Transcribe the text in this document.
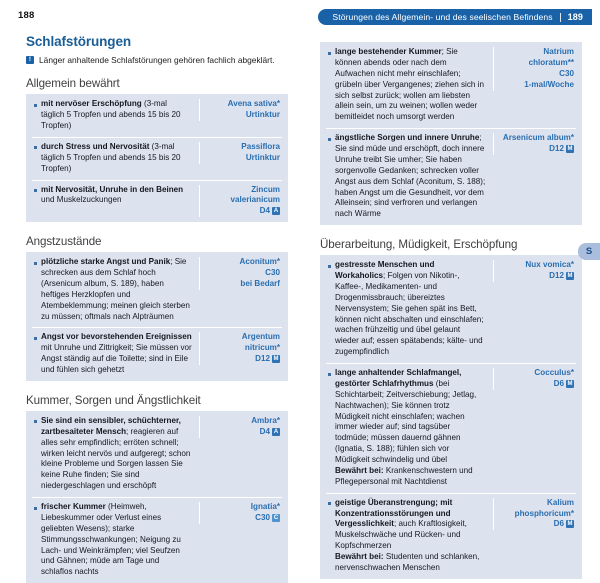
188
Schlafstörungen
! Länger anhaltende Schlafstörungen gehören fachlich abgeklärt.
Allgemein bewährt
mit nervöser Erschöpfung (3-mal täglich 5 Tropfen und abends 15 bis 20 Tropfen)
Avena sativa*
Urtinktur
durch Stress und Nervosität (3-mal täglich 5 Tropfen und abends 15 bis 20 Tropfen)
Passiflora
Urtinktur
mit Nervosität, Unruhe in den Beinen und Muskelzuckungen
Zincum valerianicum
D4 A
Angstzustände
plötzliche starke Angst und Panik; Sie schrecken aus dem Schlaf hoch (Arsenicum album, S. 189), haben heftiges Herzklopfen und Atembeklemmung; meinen gleich sterben zu müssen; oftmals nach Alpträumen
Aconitum*
C30
bei Bedarf
Angst vor bevorstehenden Ereignissen mit Unruhe und Zittrigkeit; Sie müssen vor Angst ständig auf die Toilette; sind in Eile und fühlen sich gehetzt
Argentum nitricum*
D12 M
Kummer, Sorgen und Ängstlichkeit
Sie sind ein sensibler, schüchterner, zartbesaiteter Mensch; reagieren auf alles sehr empfindlich; erröten schnell; wirken leicht nervös und aufgeregt; schon kleine Probleme und Sorgen lassen Sie keine Ruhe finden; Sie sind niedergeschlagen und erschöpft
Ambra*
D4 A
frischer Kummer (Heimweh, Liebeskummer oder Verlust eines geliebten Wesens); starke Stimmungsschwankungen; Neigung zu Lach- und Weinkrämpfen; viel Seufzen und Gähnen; müde am Tage und schlaflos nachts
Ignatia*
C30 C
Störungen des Allgemein- und des seelischen Befindens 189
lange bestehender Kummer; Sie können abends oder nach dem Aufwachen nicht mehr einschlafen; grübeln über Vergangenes; ziehen sich in sich selbst zurück; wollen am liebsten allein sein, um zu weinen; wollen weder bemitleidet noch umsorgt werden
Natrium chloratum**
C30
1-mal/Woche
ängstliche Sorgen und innere Unruhe; Sie sind müde und erschöpft, doch innere Unruhe treibt Sie umher; Sie haben sorgenvolle Gedanken; schrecken voller Angst aus dem Schlaf (Aconitum, S. 188); haben Angst um die Gesundheit, vor dem Alleinsein; sind verfroren und verlangen nach Wärme
Arsenicum album*
D12 M
Überarbeitung, Müdigkeit, Erschöpfung
gestresste Menschen und Workaholics; Folgen von Nikotin-, Kaffee-, Medikamenten- und Drogenmissbrauch; übereiztes Nervensystem; Sie gehen spät ins Bett, können nicht abschalten und einschlafen; wachen frühzeitig und übel gelaunt wieder auf; essen spätabends; kälte- und zugempfindlich
Nux vomica*
D12 M
lange anhaltender Schlafmangel, gestörter Schlafrhythmus (bei Schichtarbeit; Zeitverschiebung; Jetlag, Nachtwachen); Sie können trotz Müdigkeit nicht einschlafen; wachen immer wieder auf; sind tagsüber todmüde; müssen dauernd gähnen (Ignatia, S. 188); fühlen sich vor Müdigkeit schwindelig und übel
Bewährt bei: Krankenschwestern und Pflegepersonal mit Nachtdienst
Cocculus*
D6 M
geistige Überanstrengung; mit Konzentrationsstörungen und Vergesslichkeit; auch Kraftlosigkeit, Muskelschwäche und Rücken- und Kopfschmerzen
Bewährt bei: Studenten und schlanken, nervenschwachen Menschen
Kalium phosphoricum*
D6 M
S
